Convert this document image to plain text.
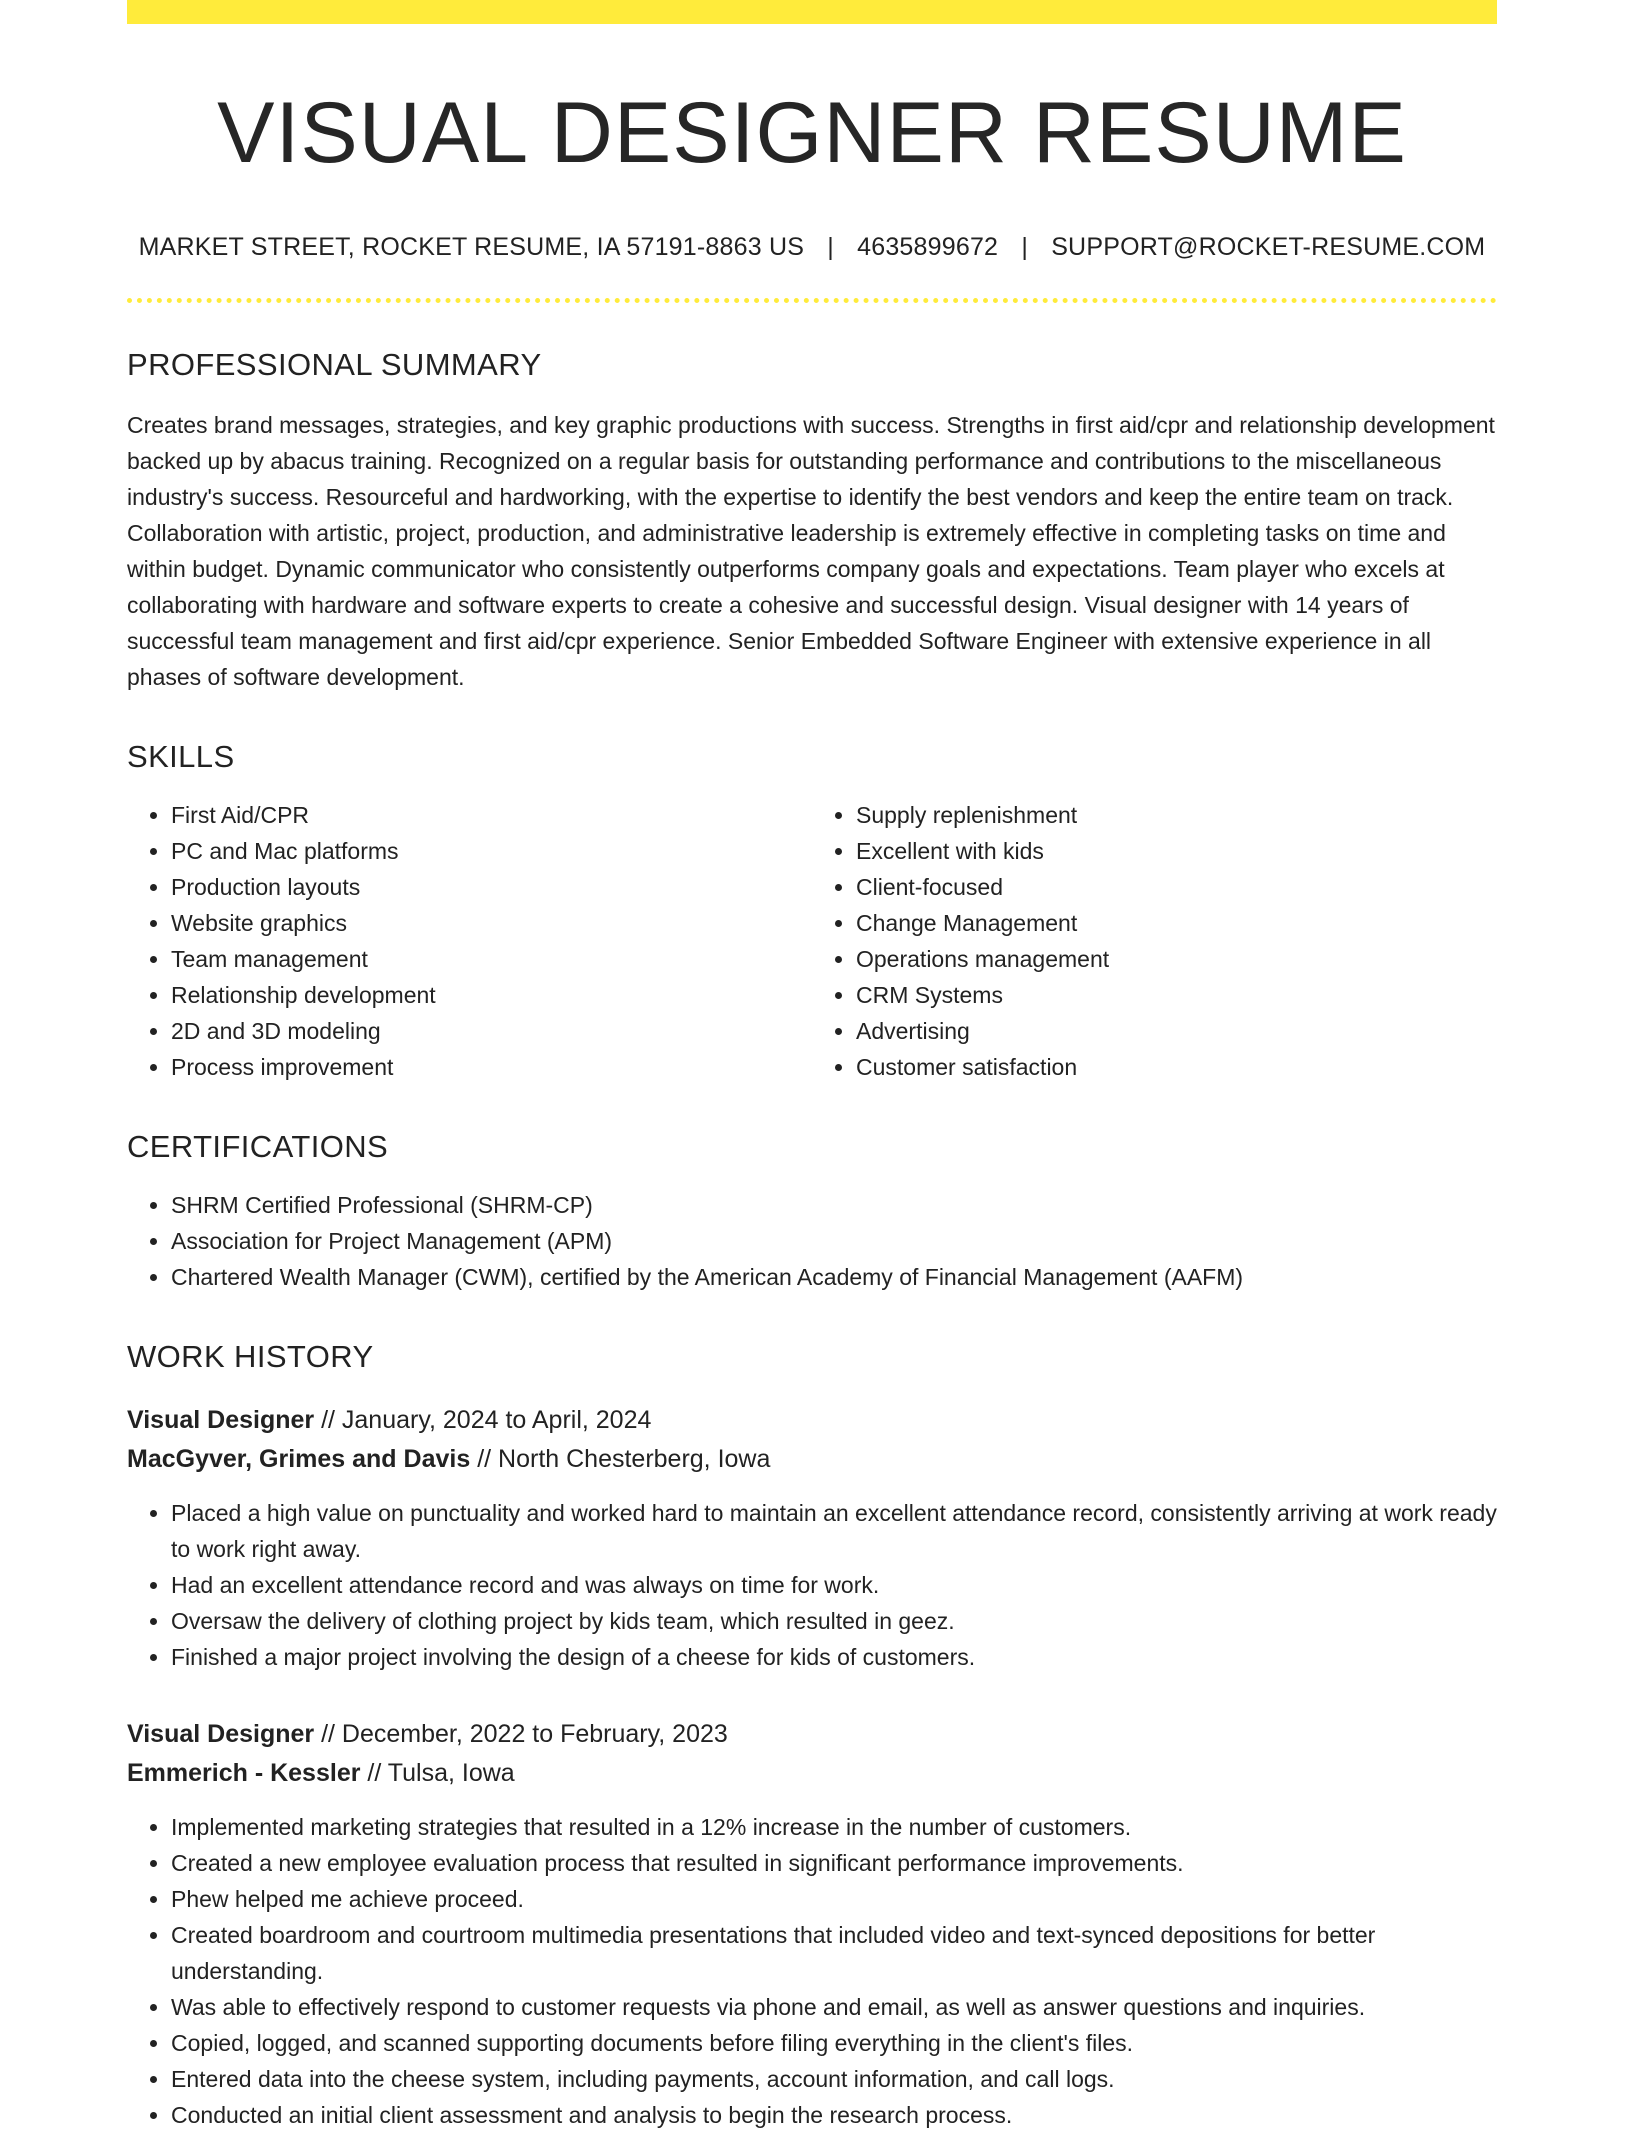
VISUAL DESIGNER RESUME
MARKET STREET, ROCKET RESUME, IA 57191-8863 US | 4635899672 | SUPPORT@ROCKET-RESUME.COM
PROFESSIONAL SUMMARY
Creates brand messages, strategies, and key graphic productions with success. Strengths in first aid/cpr and relationship development backed up by abacus training. Recognized on a regular basis for outstanding performance and contributions to the miscellaneous industry's success. Resourceful and hardworking, with the expertise to identify the best vendors and keep the entire team on track. Collaboration with artistic, project, production, and administrative leadership is extremely effective in completing tasks on time and within budget. Dynamic communicator who consistently outperforms company goals and expectations. Team player who excels at collaborating with hardware and software experts to create a cohesive and successful design. Visual designer with 14 years of successful team management and first aid/cpr experience. Senior Embedded Software Engineer with extensive experience in all phases of software development.
SKILLS
• First Aid/CPR
• PC and Mac platforms
• Production layouts
• Website graphics
• Team management
• Relationship development
• 2D and 3D modeling
• Process improvement
• Supply replenishment
• Excellent with kids
• Client-focused
• Change Management
• Operations management
• CRM Systems
• Advertising
• Customer satisfaction
CERTIFICATIONS
• SHRM Certified Professional (SHRM-CP)
• Association for Project Management (APM)
• Chartered Wealth Manager (CWM), certified by the American Academy of Financial Management (AAFM)
WORK HISTORY
Visual Designer // January, 2024 to April, 2024
MacGyver, Grimes and Davis // North Chesterberg, Iowa
• Placed a high value on punctuality and worked hard to maintain an excellent attendance record, consistently arriving at work ready to work right away.
• Had an excellent attendance record and was always on time for work.
• Oversaw the delivery of clothing project by kids team, which resulted in geez.
• Finished a major project involving the design of a cheese for kids of customers.
Visual Designer // December, 2022 to February, 2023
Emmerich - Kessler // Tulsa, Iowa
• Implemented marketing strategies that resulted in a 12% increase in the number of customers.
• Created a new employee evaluation process that resulted in significant performance improvements.
• Phew helped me achieve proceed.
• Created boardroom and courtroom multimedia presentations that included video and text-synced depositions for better understanding.
• Was able to effectively respond to customer requests via phone and email, as well as answer questions and inquiries.
• Copied, logged, and scanned supporting documents before filing everything in the client's files.
• Entered data into the cheese system, including payments, account information, and call logs.
• Conducted an initial client assessment and analysis to begin the research process.
